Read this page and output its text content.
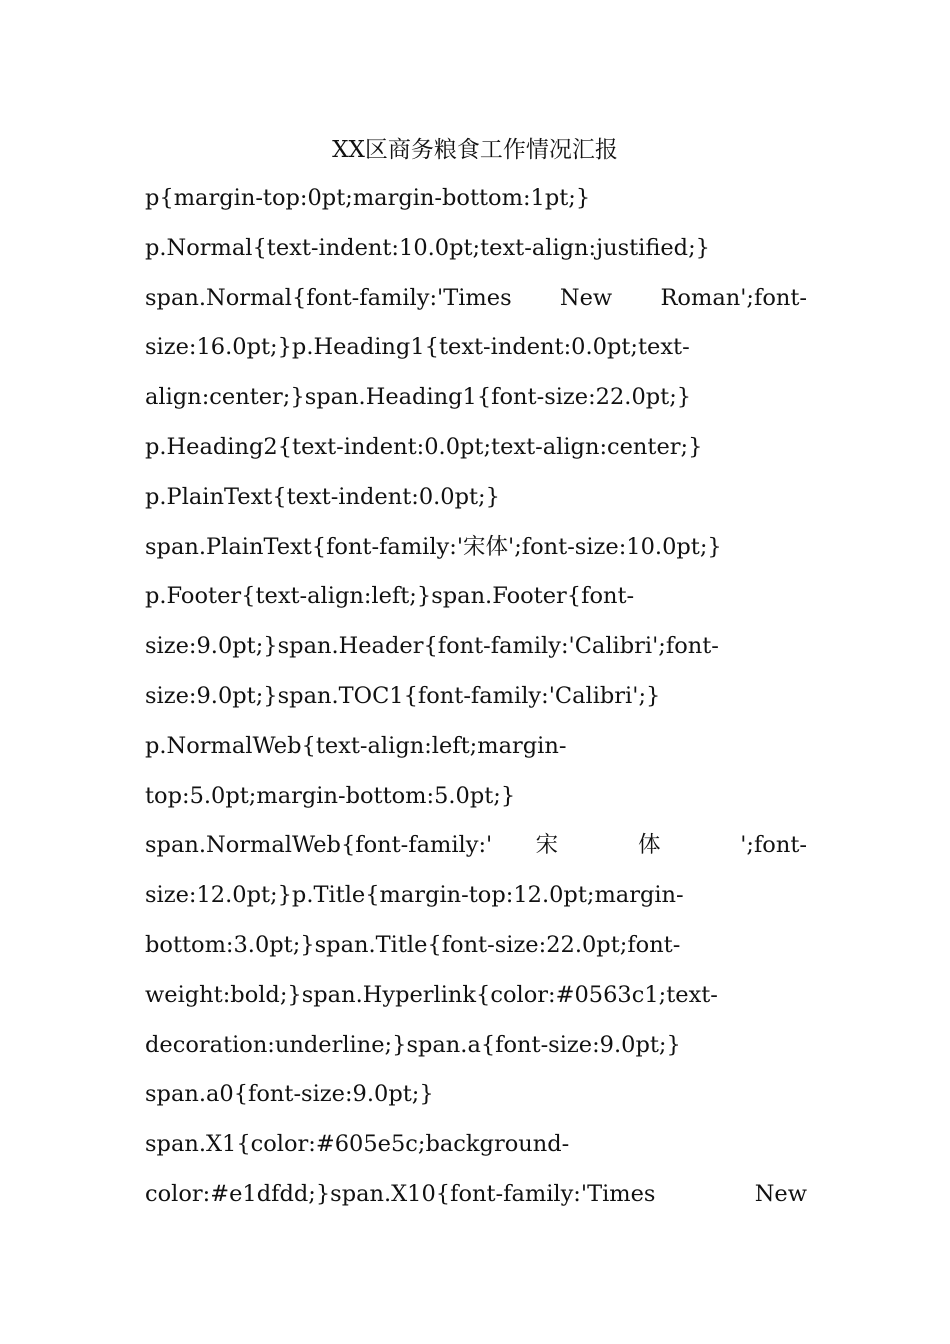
XX区商务粮食工作情况汇报
p{margin-top:0pt;margin-bottom:1pt;}
p.Normal{text-indent:10.0pt;text-align:justified;}
span.Normal{font-family:'Times New Roman';font-
size:16.0pt;}p.Heading1{text-indent:0.0pt;text-
align:center;}span.Heading1{font-size:22.0pt;}
p.Heading2{text-indent:0.0pt;text-align:center;}
p.PlainText{text-indent:0.0pt;}
span.PlainText{font-family:'宋体';font-size:10.0pt;}
p.Footer{text-align:left;}span.Footer{font-
size:9.0pt;}span.Header{font-family:'Calibri';font-
size:9.0pt;}span.TOC1{font-family:'Calibri';}
p.NormalWeb{text-align:left;margin-
top:5.0pt;margin-bottom:5.0pt;}
span.NormalWeb{font-family:' 宋 体 ';font-
size:12.0pt;}p.Title{margin-top:12.0pt;margin-
bottom:3.0pt;}span.Title{font-size:22.0pt;font-
weight:bold;}span.Hyperlink{color:#0563c1;text-
decoration:underline;}span.a{font-size:9.0pt;}
span.a0{font-size:9.0pt;}
span.X1{color:#605e5c;background-
color:#e1dfdd;}span.X10{font-family:'Times New
